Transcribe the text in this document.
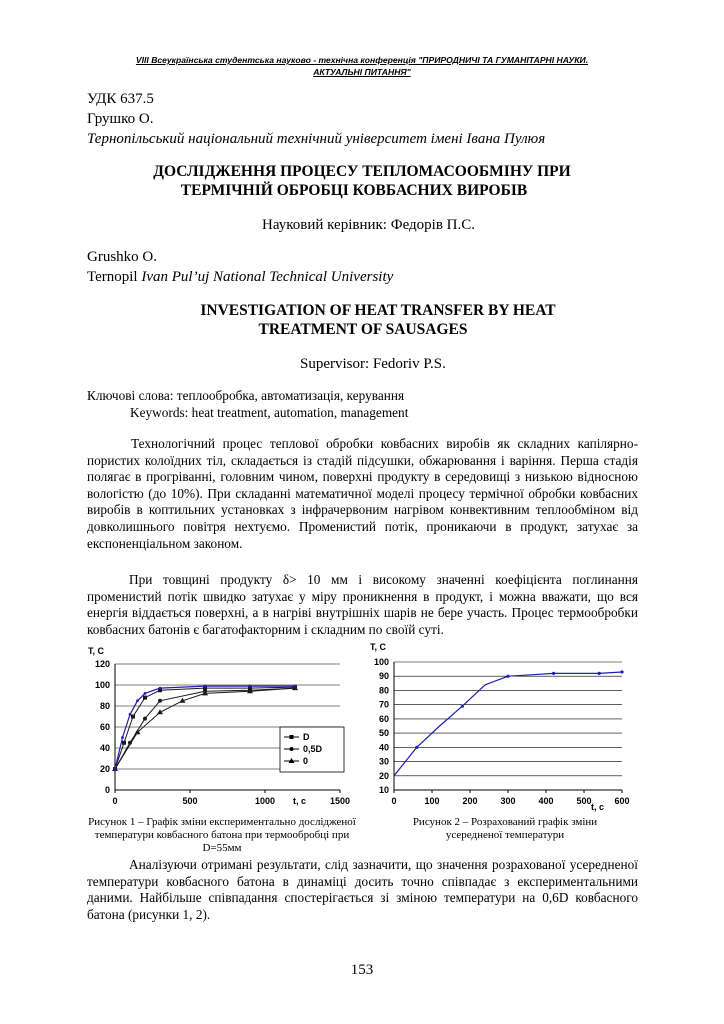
VIII Всеукраїнська студентська науково - технічна конференція "ПРИРОДНИЧІ ТА ГУМАНІТАРНІ НАУКИ.
АКТУАЛЬНІ ПИТАННЯ"
УДК 637.5
Грушко О.
Тернопільський національний технічний університет імені Івана Пулюя
ДОСЛІДЖЕННЯ ПРОЦЕСУ ТЕПЛОМАСООБМІНУ ПРИ
ТЕРМІЧНІЙ ОБРОБЦІ КОВБАСНИХ ВИРОБІВ
Науковий керівник: Федорів П.С.
Grushko O.
Ternopil Ivan Pul’uj National Technical University
INVESTIGATION OF HEAT TRANSFER BY HEAT
TREATMENT OF SAUSAGES
Supervisor: Fedoriv P.S.
Ключові слова: теплообробка, автоматизація, керування
Keywords: heat treatment, automation, management
Технологічний процес теплової обробки ковбасних виробів як складних капілярно-пористих колоїдних тіл, складається із стадій підсушки, обжарювання і варіння. Перша стадія полягає в прогріванні, головним чином, поверхні продукту в середовищі з низькою відносною вологістю (до 10%). При складанні математичної моделі процесу термічної обробки ковбасних виробів в коптильних установках з інфрачервоним нагрівом конвективним теплообміном від довколишнього повітря нехтуємо. Променистий потік, проникаючи в продукт, затухає за експоненціальном законом.
При товщині продукту δ> 10 мм і високому значенні коефіцієнта поглинання променистий потік швидко затухає у міру проникнення в продукт, і можна вважати, що вся енергія віддається поверхні, а в нагріві внутрішніх шарів не бере участь. Процес термообробки ковбасних батонів є багатофакторним і складним по своїй суті.
T, C
0
20
40
60
80
100
120
0	500	1000	1500
t, c
D
0,5D
0
T, C
10
20
30
40
50
60
70
80
90
100
0	100	200	300	400	500	600
t, c
Рисунок 1 – Графік зміни експериментально дослідженої температури ковбасного батона при термообробці при D=55мм
Рисунок 2 – Розрахований графік зміни усередненої температури
Аналізуючи отримані результати, слід зазначити, що значення розрахованої усередненої температури ковбасного батона в динаміці досить точно співпадає з експериментальними даними. Найбільше співпадання спостерігається зі зміною температури на 0,6D ковбасного батона (рисунки 1, 2).
153
